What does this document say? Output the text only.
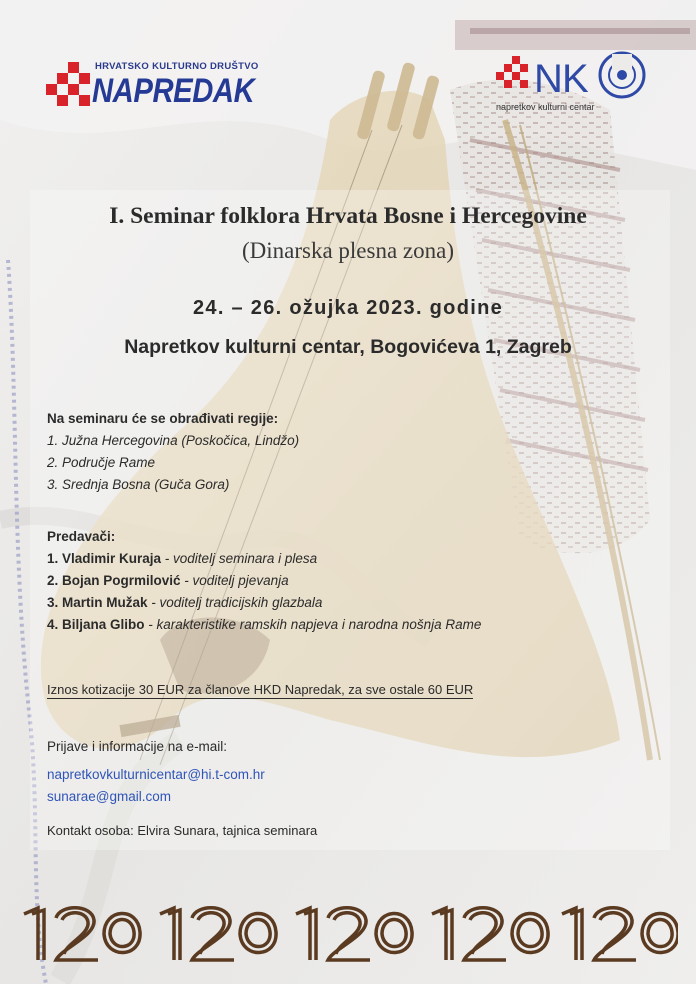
HRVATSKO KULTURNO DRUŠTVO
NAPREDAK	N K
napretkov kulturni centar
I. Seminar folklora Hrvata Bosne i Hercegovine
(Dinarska plesna zona)
24. – 26. ožujka 2023. godine
Napretkov kulturni centar, Bogovićeva 1, Zagreb
Na seminaru će se obrađivati regije:
1. Južna Hercegovina (Poskočica, Lindžo)
2. Područje Rame
3. Srednja Bosna (Guča Gora)
Predavači:
1. Vladimir Kuraja - voditelj seminara i plesa
2. Bojan Pogrmilović - voditelj pjevanja
3. Martin Mužak - voditelj tradicijskih glazbala
4. Biljana Glibo - karakteristike ramskih napjeva i narodna nošnja Rame
Iznos kotizacije 30 EUR za članove HKD Napredak, za sve ostale 60 EUR
Prijave i informacije na e-mail:
napretkovkulturnicentar@hi.t-com.hr
sunarae@gmail.com
Kontakt osoba: Elvira Sunara, tajnica seminara
